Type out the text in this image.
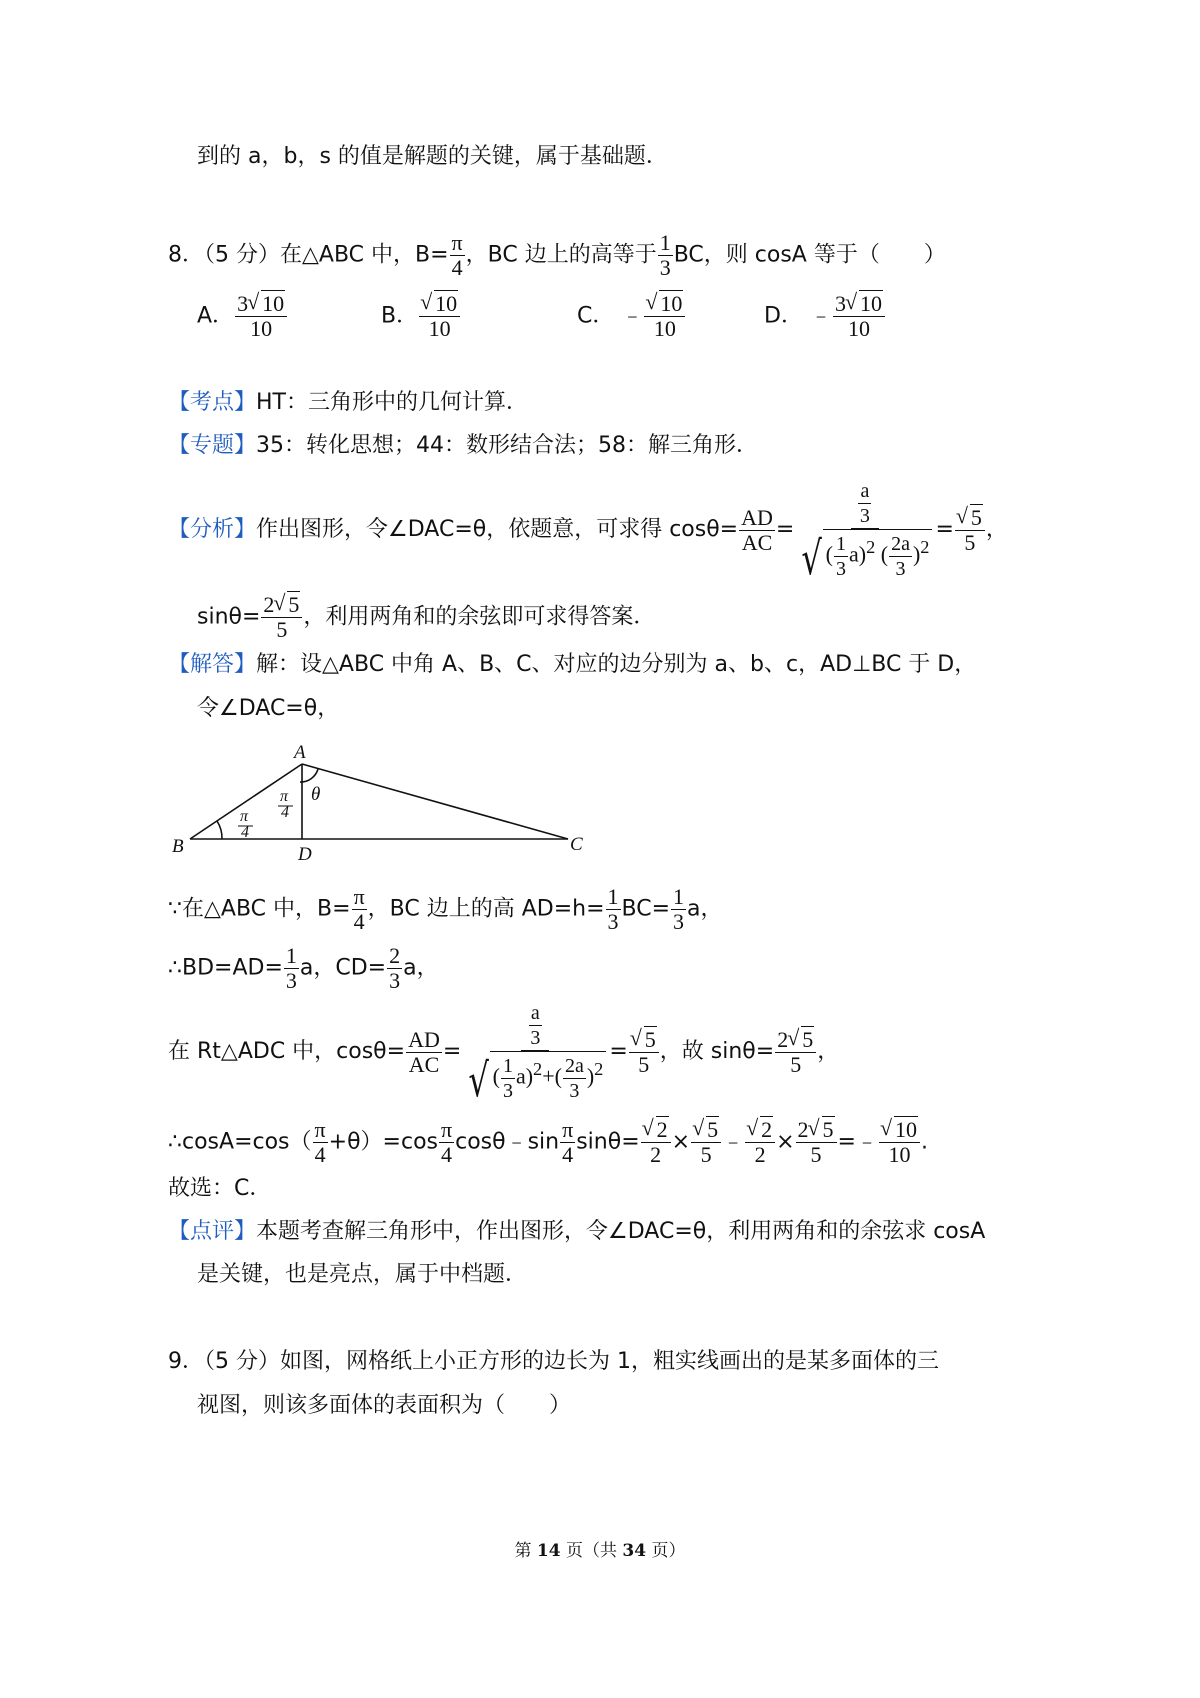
到的 a，b，s 的值是解题的关键，属于基础题．
8．（5 分）在△ABC 中，$B= \frac{\pi}{4}$ ，BC 边上的高等于 $\frac{1}{3}$ BC，则 cosA 等于（　　）
A． $\frac{3 √ 10}{10}$	B． √ $\frac{10}{10}$	C． ﹣ √ $\frac{10}{10}$	D． ﹣ $\frac{3 √ 10}{10}$
【考点】HT：三角形中的几何计算．
【专题】35：转化思想；44：数形结合法；58：解三角形．
【分析】作出图形，令∠DAC=θ，依题意，可求得 $\cos\theta= \frac{AD}{AC} = \frac{\frac{a}{3}}{√ ( \frac{1}{3} a)^2 ( \frac{2a}{3} )^2}$ = √ $\frac{5}{5}$ ，
$\sin\theta= \frac{2 √ 5}{5}$ ，利用两角和的余弦即可求得答案．
【解答】解：设△ABC 中角 A、B、C、对应的边分别为 a、b、c，AD⊥BC 于 D，
令∠DAC=θ，
A
B	C
D
θ
π
4
π
4
∵在△ABC 中，$B= \frac{\pi}{4}$ ，BC 边上的高 $AD=h= \frac{1}{3} BC= \frac{1}{3}$ a，
∴BD=AD= $\frac{1}{3}$ a，$CD= \frac{2}{3}$ a，
在 Rt△ADC 中，$\cos\theta= \frac{AD}{AC} = \frac{\frac{a}{3}}{√ ( \frac{1}{3} a)^2+( \frac{2a}{3} )^2}$ = √ $\frac{5}{5}$ ，故 $\sin\theta= \frac{2 √ 5}{5}$ ，
∴cosA=cos（ $\frac{\pi}{4} +\theta)=\cos \frac{\pi}{4}$ cosθ﹣sin $\frac{\pi}{4} \sin\theta=$ √ $\frac{2}{2}$ × √ $\frac{5}{5}$ ﹣ √ $\frac{2}{2} \times \frac{2 √ 5}{5}$ =﹣ √ $\frac{10}{10}$ .
故选：C．
【点评】本题考查解三角形中，作出图形，令∠DAC=θ，利用两角和的余弦求 cosA
是关键，也是亮点，属于中档题．
9．（5 分）如图，网格纸上小正方形的边长为 1，粗实线画出的是某多面体的三
视图，则该多面体的表面积为（　　）
第 14 页（共 34 页）
